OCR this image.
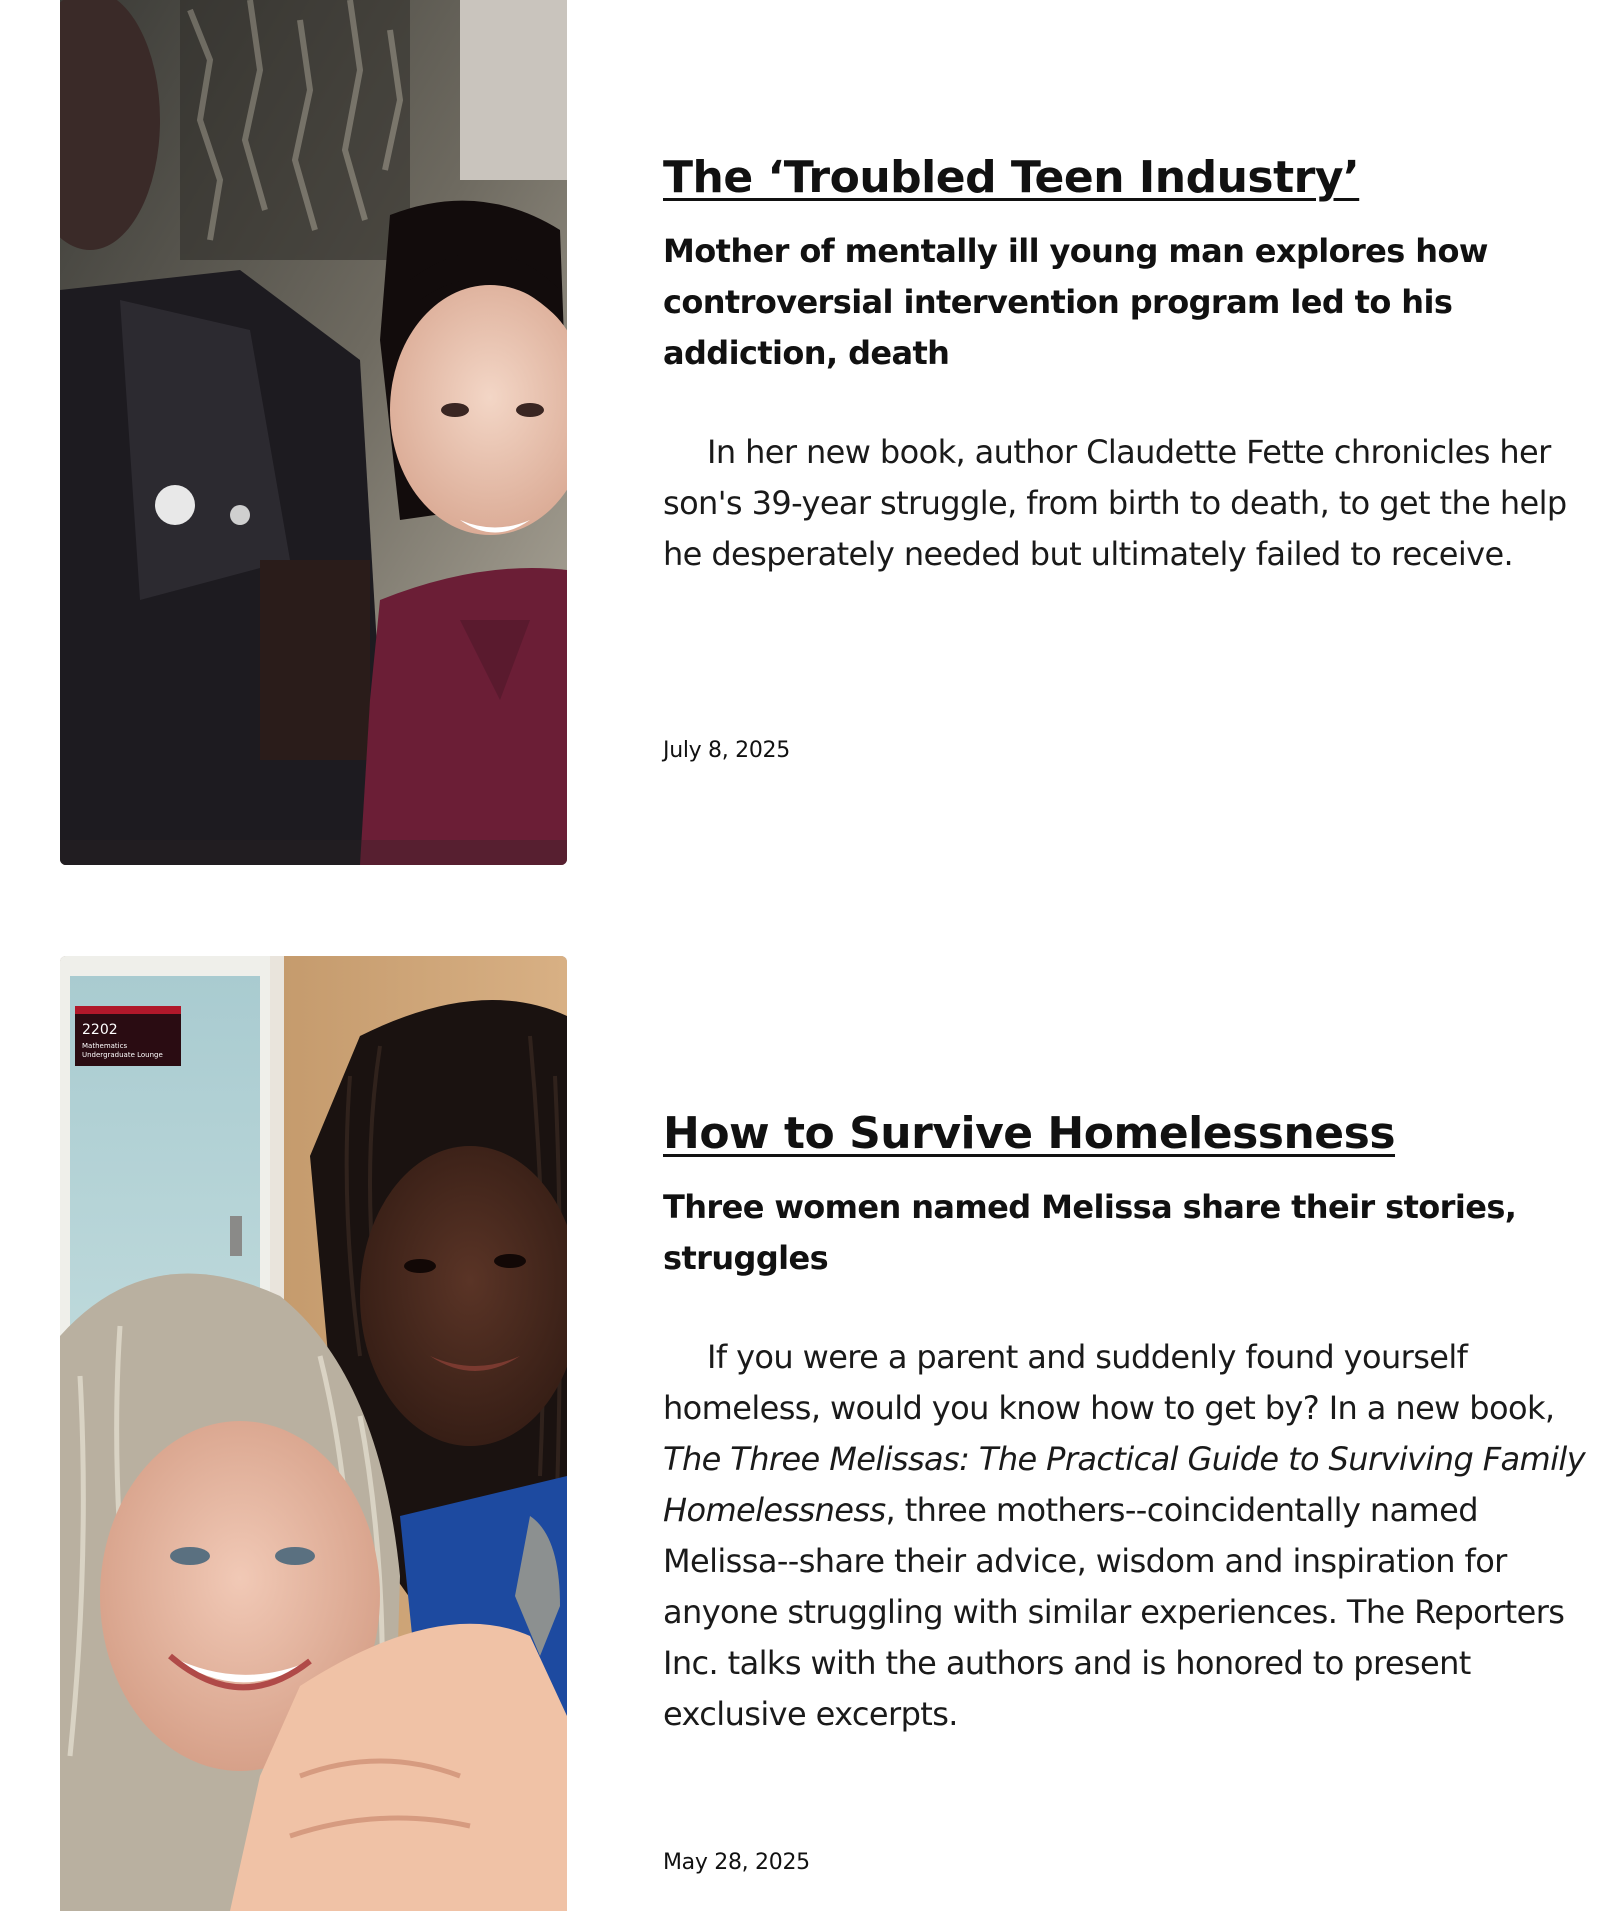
The ‘Troubled Teen Industry’

Mother of mentally ill young man explores how controversial intervention program led to his addiction, death

In her new book, author Claudette Fette chronicles her son's 39-year struggle, from birth to death, to get the help he desperately needed but ultimately failed to receive.

July 8, 2025
2202
Mathematics
Undergraduate Lounge
How to Survive Homelessness

Three women named Melissa share their stories, struggles

If you were a parent and suddenly found yourself homeless, would you know how to get by? In a new book, The Three Melissas: The Practical Guide to Surviving Family Homelessness, three mothers--coincidentally named Melissa--share their advice, wisdom and inspiration for anyone struggling with similar experiences. The Reporters Inc. talks with the authors and is honored to present exclusive excerpts.

May 28, 2025
